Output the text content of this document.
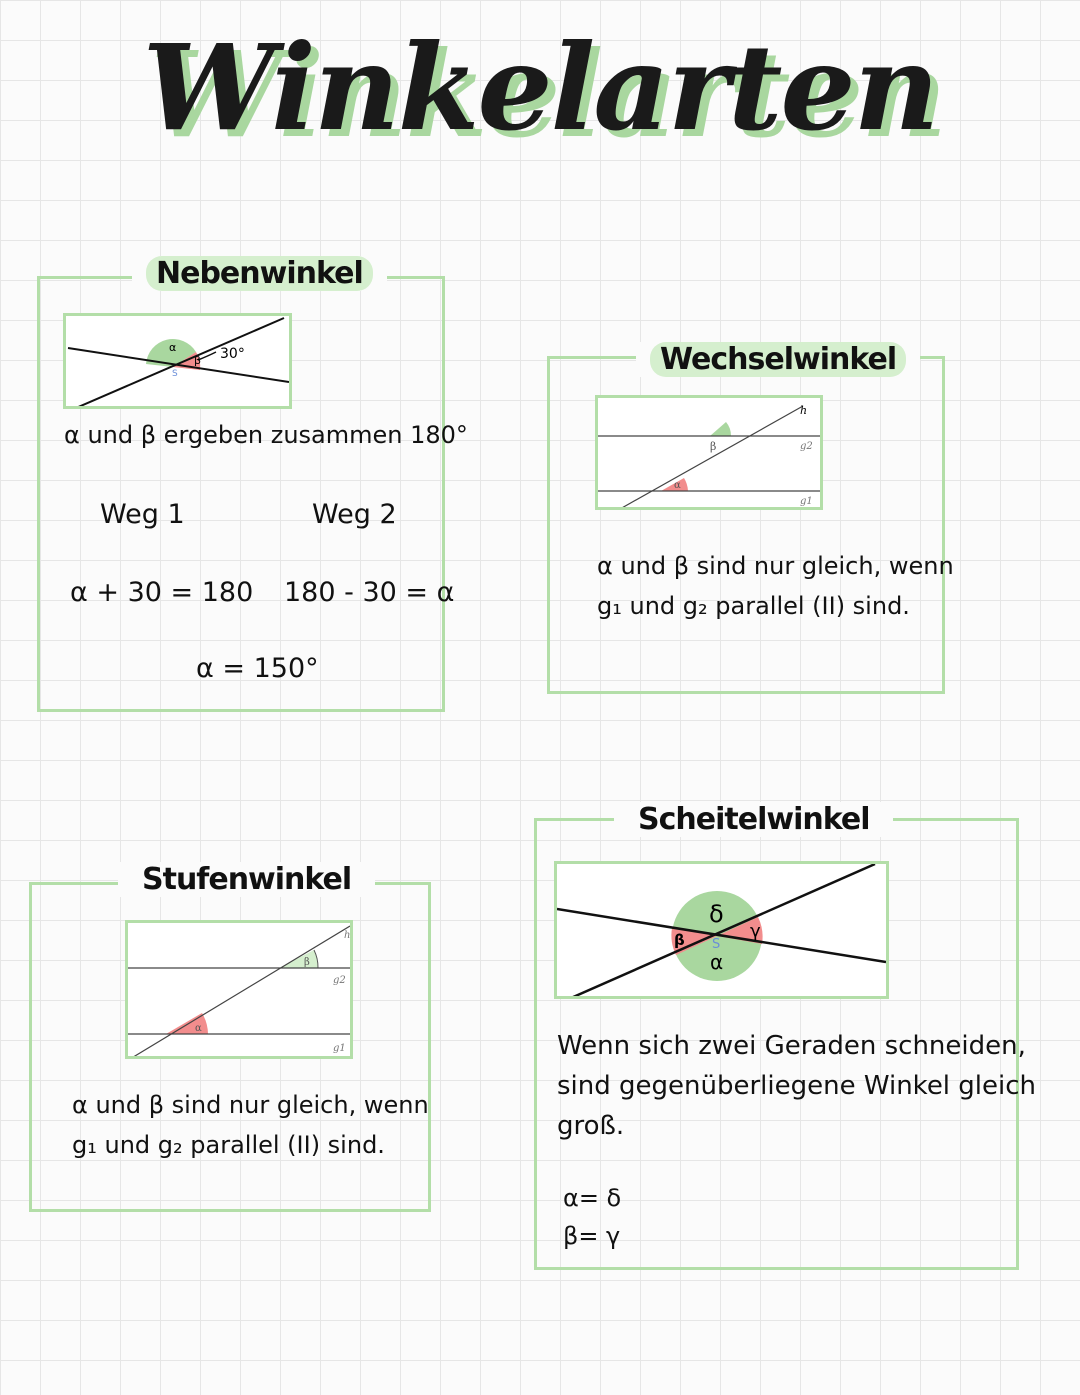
Winkelarten
Nebenwinkel
α
β 30°
S
α und β ergeben zusammen 180°
Weg 1	Weg 2
α + 30 = 180 180 - 30 = α
α = 150°
Wechselwinkel
h
g2
g1
β
α
α und β sind nur gleich, wenn
g₁ und g₂ parallel (II) sind.
Stufenwinkel
h
g2
g1
β
α
α und β sind nur gleich, wenn
g₁ und g₂ parallel (II) sind.
Scheitelwinkel
δ
γ
β
α
S
Wenn sich zwei Geraden schneiden,
sind gegenüberliegene Winkel gleich
groß.
α= δ
β= γ
